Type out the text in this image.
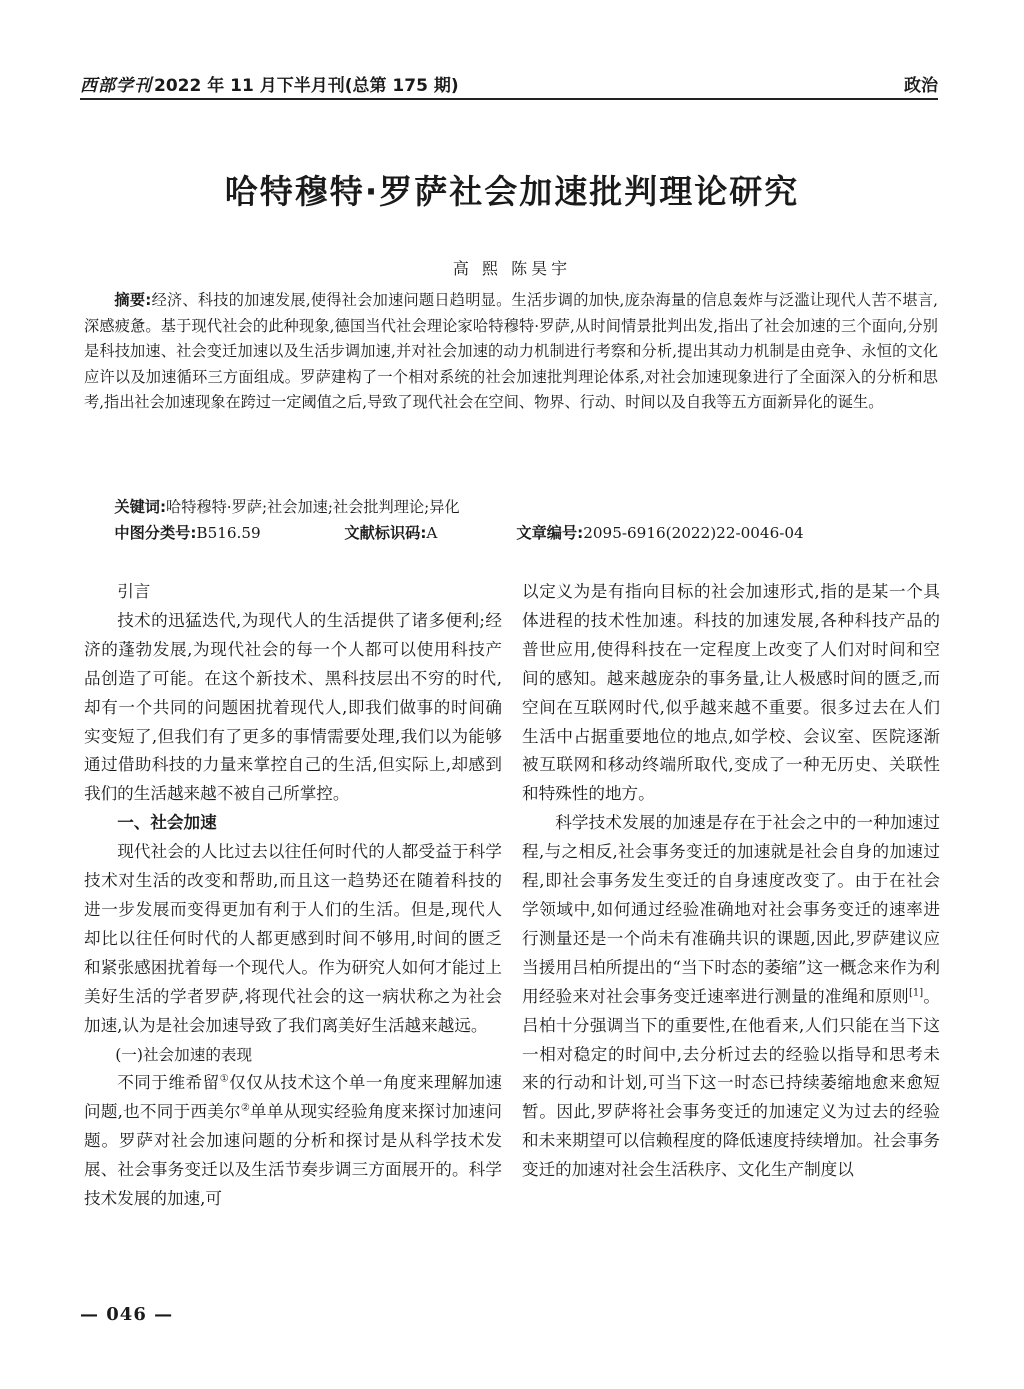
西部学刊 2022 年 11 月下半月刊(总第 175 期)	政治
哈特穆特·罗萨社会加速批判理论研究
高 熙 陈昊宇

摘要:经济、科技的加速发展,使得社会加速问题日趋明显。生活步调的加快,庞杂海量的信息轰炸与泛滥让现代人苦不堪言,深感疲惫。基于现代社会的此种现象,德国当代社会理论家哈特穆特·罗萨,从时间情景批判出发,指出了社会加速的三个面向,分别是科技加速、社会变迁加速以及生活步调加速,并对社会加速的动力机制进行考察和分析,提出其动力机制是由竞争、永恒的文化应许以及加速循环三方面组成。罗萨建构了一个相对系统的社会加速批判理论体系,对社会加速现象进行了全面深入的分析和思考,指出社会加速现象在跨过一定阈值之后,导致了现代社会在空间、物界、行动、时间以及自我等五方面新异化的诞生。

关键词:哈特穆特·罗萨;社会加速;社会批判理论;异化
中图分类号:B516.59	文献标识码:A	文章编号:2095-6916(2022)22-0046-04
引言

技术的迅猛迭代,为现代人的生活提供了诸多便利;经济的蓬勃发展,为现代社会的每一个人都可以使用科技产品创造了可能。在这个新技术、黑科技层出不穷的时代,却有一个共同的问题困扰着现代人,即我们做事的时间确实变短了,但我们有了更多的事情需要处理,我们以为能够通过借助科技的力量来掌控自己的生活,但实际上,却感到我们的生活越来越不被自己所掌控。

一、社会加速

现代社会的人比过去以往任何时代的人都受益于科学技术对生活的改变和帮助,而且这一趋势还在随着科技的进一步发展而变得更加有利于人们的生活。但是,现代人却比以往任何时代的人都更感到时间不够用,时间的匮乏和紧张感困扰着每一个现代人。作为研究人如何才能过上美好生活的学者罗萨,将现代社会的这一病状称之为社会加速,认为是社会加速导致了我们离美好生活越来越远。

(一)社会加速的表现

不同于维希留①仅仅从技术这个单一角度来理解加速问题,也不同于西美尔②单单从现实经验角度来探讨加速问题。罗萨对社会加速问题的分析和探讨是从科学技术发展、社会事务变迁以及生活节奏步调三方面展开的。科学技术发展的加速,可

以定义为是有指向目标的社会加速形式,指的是某一个具体进程的技术性加速。科技的加速发展,各种科技产品的普世应用,使得科技在一定程度上改变了人们对时间和空间的感知。越来越庞杂的事务量,让人极感时间的匮乏,而空间在互联网时代,似乎越来越不重要。很多过去在人们生活中占据重要地位的地点,如学校、会议室、医院逐渐被互联网和移动终端所取代,变成了一种无历史、关联性和特殊性的地方。

科学技术发展的加速是存在于社会之中的一种加速过程,与之相反,社会事务变迁的加速就是社会自身的加速过程,即社会事务发生变迁的自身速度改变了。由于在社会学领域中,如何通过经验准确地对社会事务变迁的速率进行测量还是一个尚未有准确共识的课题,因此,罗萨建议应当援用吕柏所提出的“当下时态的萎缩”这一概念来作为利用经验来对社会事务变迁速率进行测量的准绳和原则[1]。吕柏十分强调当下的重要性,在他看来,人们只能在当下这一相对稳定的时间中,去分析过去的经验以指导和思考未来的行动和计划,可当下这一时态已持续萎缩地愈来愈短暂。因此,罗萨将社会事务变迁的加速定义为过去的经验和未来期望可以信赖程度的降低速度持续增加。社会事务变迁的加速对社会生活秩序、文化生产制度以

— 046 —
